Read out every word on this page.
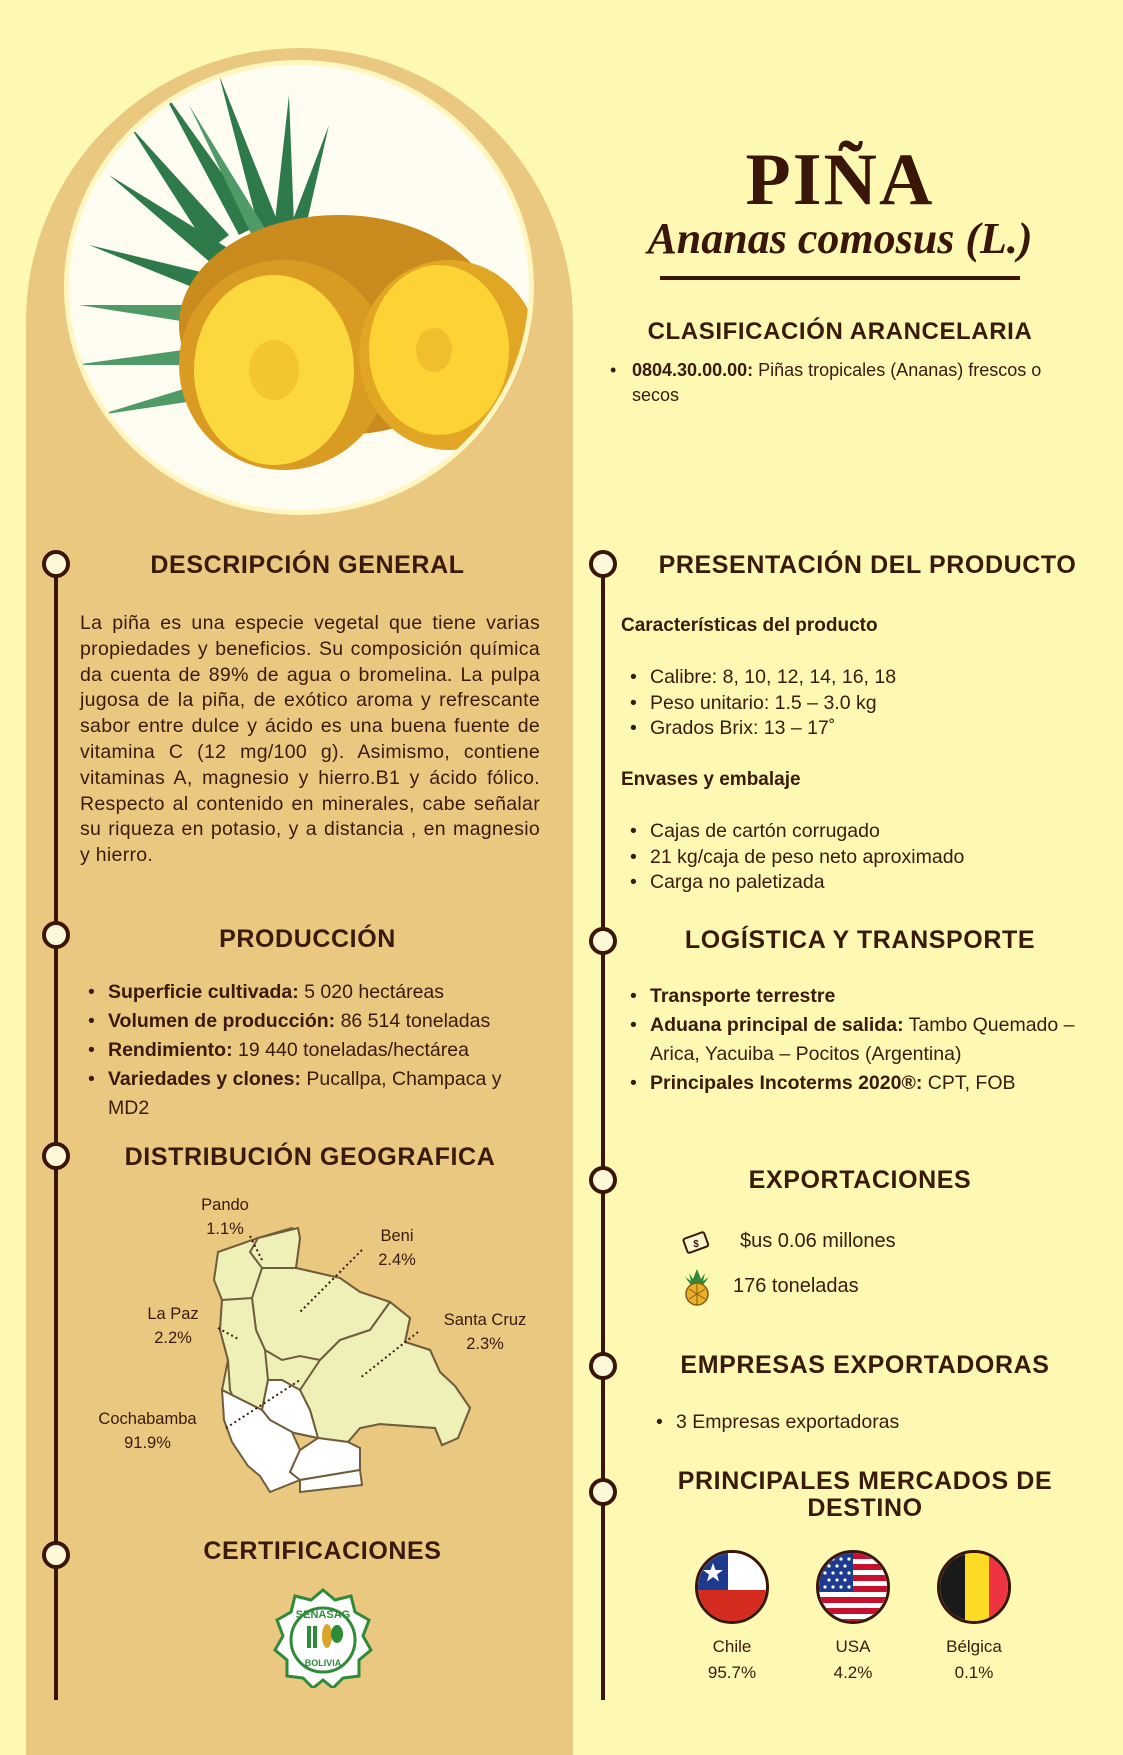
PIÑA
Ananas comosus (L.)
CLASIFICACIÓN ARANCELARIA
• 0804.30.00.00: Piñas tropicales (Ananas) frescos o secos
DESCRIPCIÓN GENERAL
La piña es una especie vegetal que tiene varias propiedades y beneficios. Su composición química da cuenta de 89% de agua o bromelina. La pulpa jugosa de la piña, de exótico aroma y refrescante sabor entre dulce y ácido es una buena fuente de vitamina C (12 mg/100 g). Asimismo, contiene vitaminas A, magnesio y hierro.B1 y ácido fólico. Respecto al contenido en minerales, cabe señalar su riqueza en potasio, y a distancia , en magnesio y hierro.
PRODUCCIÓN
• Superficie cultivada: 5 020 hectáreas
• Volumen de producción: 86 514 toneladas
• Rendimiento: 19 440 toneladas/hectárea
• Variedades y clones: Pucallpa, Champaca y MD2
DISTRIBUCIÓN GEOGRAFICA
Pando
1.1%	Beni
2.4%
La Paz
2.2%
Santa Cruz
2.3%
Cochabamba
91.9%
CERTIFICACIONES
SENASAG
BOLIVIA
PRESENTACIÓN DEL PRODUCTO
Características del producto
• Calibre: 8, 10, 12, 14, 16, 18
• Peso unitario: 1.5 – 3.0 kg
• Grados Brix: 13 – 17˚
Envases y embalaje
• Cajas de cartón corrugado
• 21 kg/caja de peso neto aproximado
• Carga no paletizada
LOGÍSTICA Y TRANSPORTE
• Transporte terrestre
• Aduana principal de salida: Tambo Quemado – Arica, Yacuiba – Pocitos (Argentina)
• Principales Incoterms 2020®: CPT, FOB
EXPORTACIONES
$ $us 0.06 millones
176 toneladas
EMPRESAS EXPORTADORAS
• 3 Empresas exportadoras
PRINCIPALES MERCADOS DE
DESTINO
Chile
95.7%
USA
4.2%
Bélgica
0.1%
